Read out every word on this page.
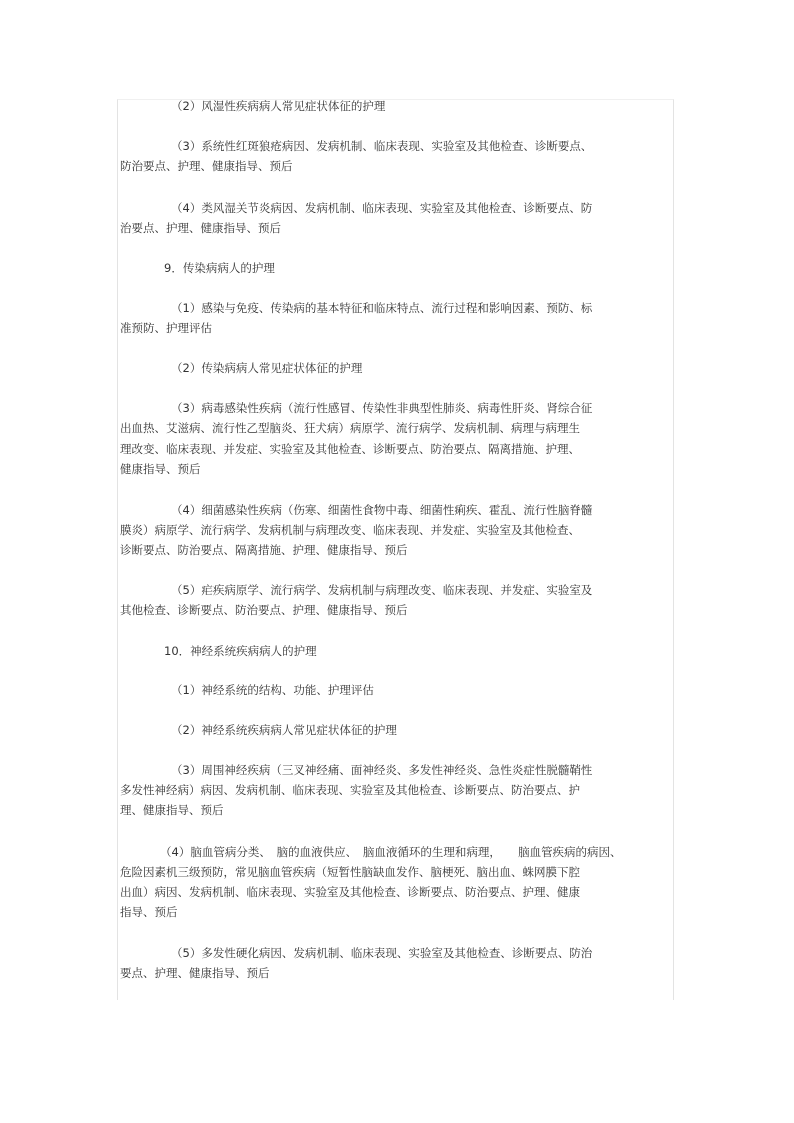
（2）风湿性疾病病人常见症状体征的护理

（3）系统性红斑狼疮病因、发病机制、临床表现、实验室及其他检查、诊断要点、

防治要点、护理、健康指导、预后

（4）类风湿关节炎病因、发病机制、临床表现、实验室及其他检查、诊断要点、防

治要点、护理、健康指导、预后

9．传染病病人的护理

（1）感染与免疫、传染病的基本特征和临床特点、流行过程和影响因素、预防、标

准预防、护理评估

（2）传染病病人常见症状体征的护理

（3）病毒感染性疾病（流行性感冒、传染性非典型性肺炎、病毒性肝炎、肾综合征

出血热、艾滋病、流行性乙型脑炎、狂犬病）病原学、流行病学、发病机制、病理与病理生

理改变、临床表现、并发症、实验室及其他检查、诊断要点、防治要点、隔离措施、护理、

健康指导、预后

（4）细菌感染性疾病（伤寒、细菌性食物中毒、细菌性痢疾、霍乱、流行性脑脊髓

膜炎）病原学、流行病学、发病机制与病理改变、临床表现、并发症、实验室及其他检查、

诊断要点、防治要点、隔离措施、护理、健康指导、预后

（5）疟疾病原学、流行病学、发病机制与病理改变、临床表现、并发症、实验室及

其他检查、诊断要点、防治要点、护理、健康指导、预后

10．神经系统疾病病人的护理

（1）神经系统的结构、功能、护理评估

（2）神经系统疾病病人常见症状体征的护理

（3）周围神经疾病（三叉神经痛、面神经炎、多发性神经炎、急性炎症性脱髓鞘性

多发性神经病）病因、发病机制、临床表现、实验室及其他检查、诊断要点、防治要点、护

理、健康指导、预后

（4）脑血管病分类、　脑的血液供应、　脑血液循环的生理和病理，　　脑血管疾病的病因、

危险因素机三级预防，常见脑血管疾病（短暂性脑缺血发作、脑梗死、脑出血、蛛网膜下腔

出血）病因、发病机制、临床表现、实验室及其他检查、诊断要点、防治要点、护理、健康

指导、预后

（5）多发性硬化病因、发病机制、临床表现、实验室及其他检查、诊断要点、防治

要点、护理、健康指导、预后
